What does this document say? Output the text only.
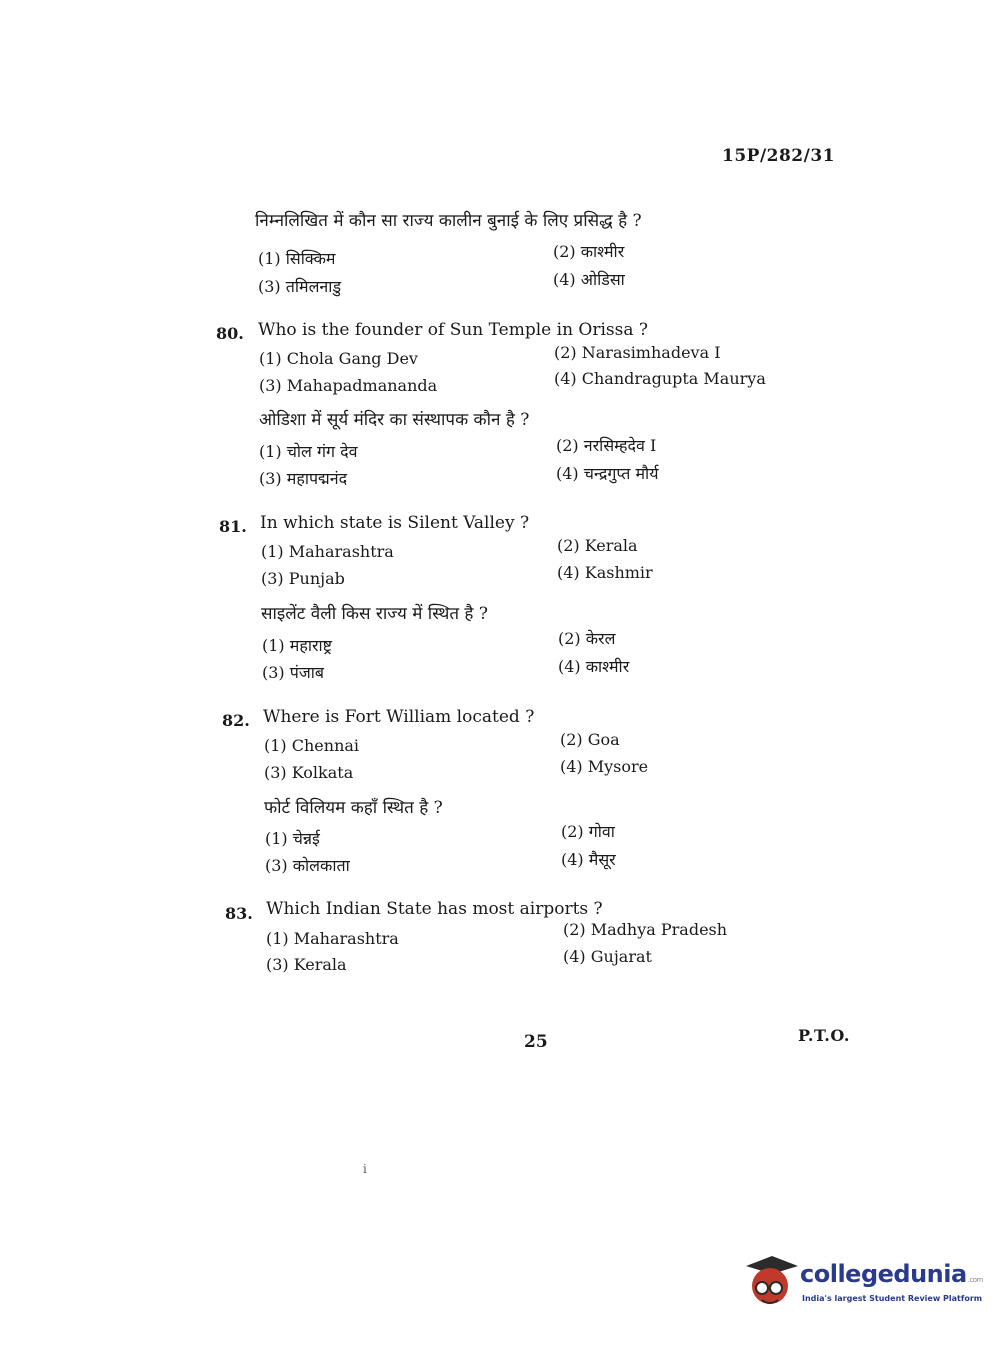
15P/282/31
निम्नलिखित में कौन सा राज्य कालीन बुनाई के लिए प्रसिद्ध है ?
(1) सिक्किम	(2) काश्मीर
(3) तमिलनाडु	(4) ओडिसा
80. Who is the founder of Sun Temple in Orissa ?
(1) Chola Gang Dev	(2) Narasimhadeva I
(3) Mahapadmananda	(4) Chandragupta Maurya
ओडिशा में सूर्य मंदिर का संस्थापक कौन है ?
(1) चोल गंग देव	(2) नरसिम्हदेव I
(3) महापद्मनंद	(4) चन्द्रगुप्त मौर्य
81. In which state is Silent Valley ?
(1) Maharashtra	(2) Kerala
(3) Punjab	(4) Kashmir
साइलेंट वैली किस राज्य में स्थित है ?
(1) महाराष्ट्र	(2) केरल
(3) पंजाब	(4) काश्मीर
82. Where is Fort William located ?
(1) Chennai	(2) Goa
(3) Kolkata	(4) Mysore
फोर्ट विलियम कहाँ स्थित है ?
(1) चेन्नई	(2) गोवा
(3) कोलकाता	(4) मैसूर
83. Which Indian State has most airports ?
(1) Maharashtra	(2) Madhya Pradesh
(3) Kerala	(4) Gujarat
25	P.T.O.
i
collegedunia.com
India's largest Student Review Platform
